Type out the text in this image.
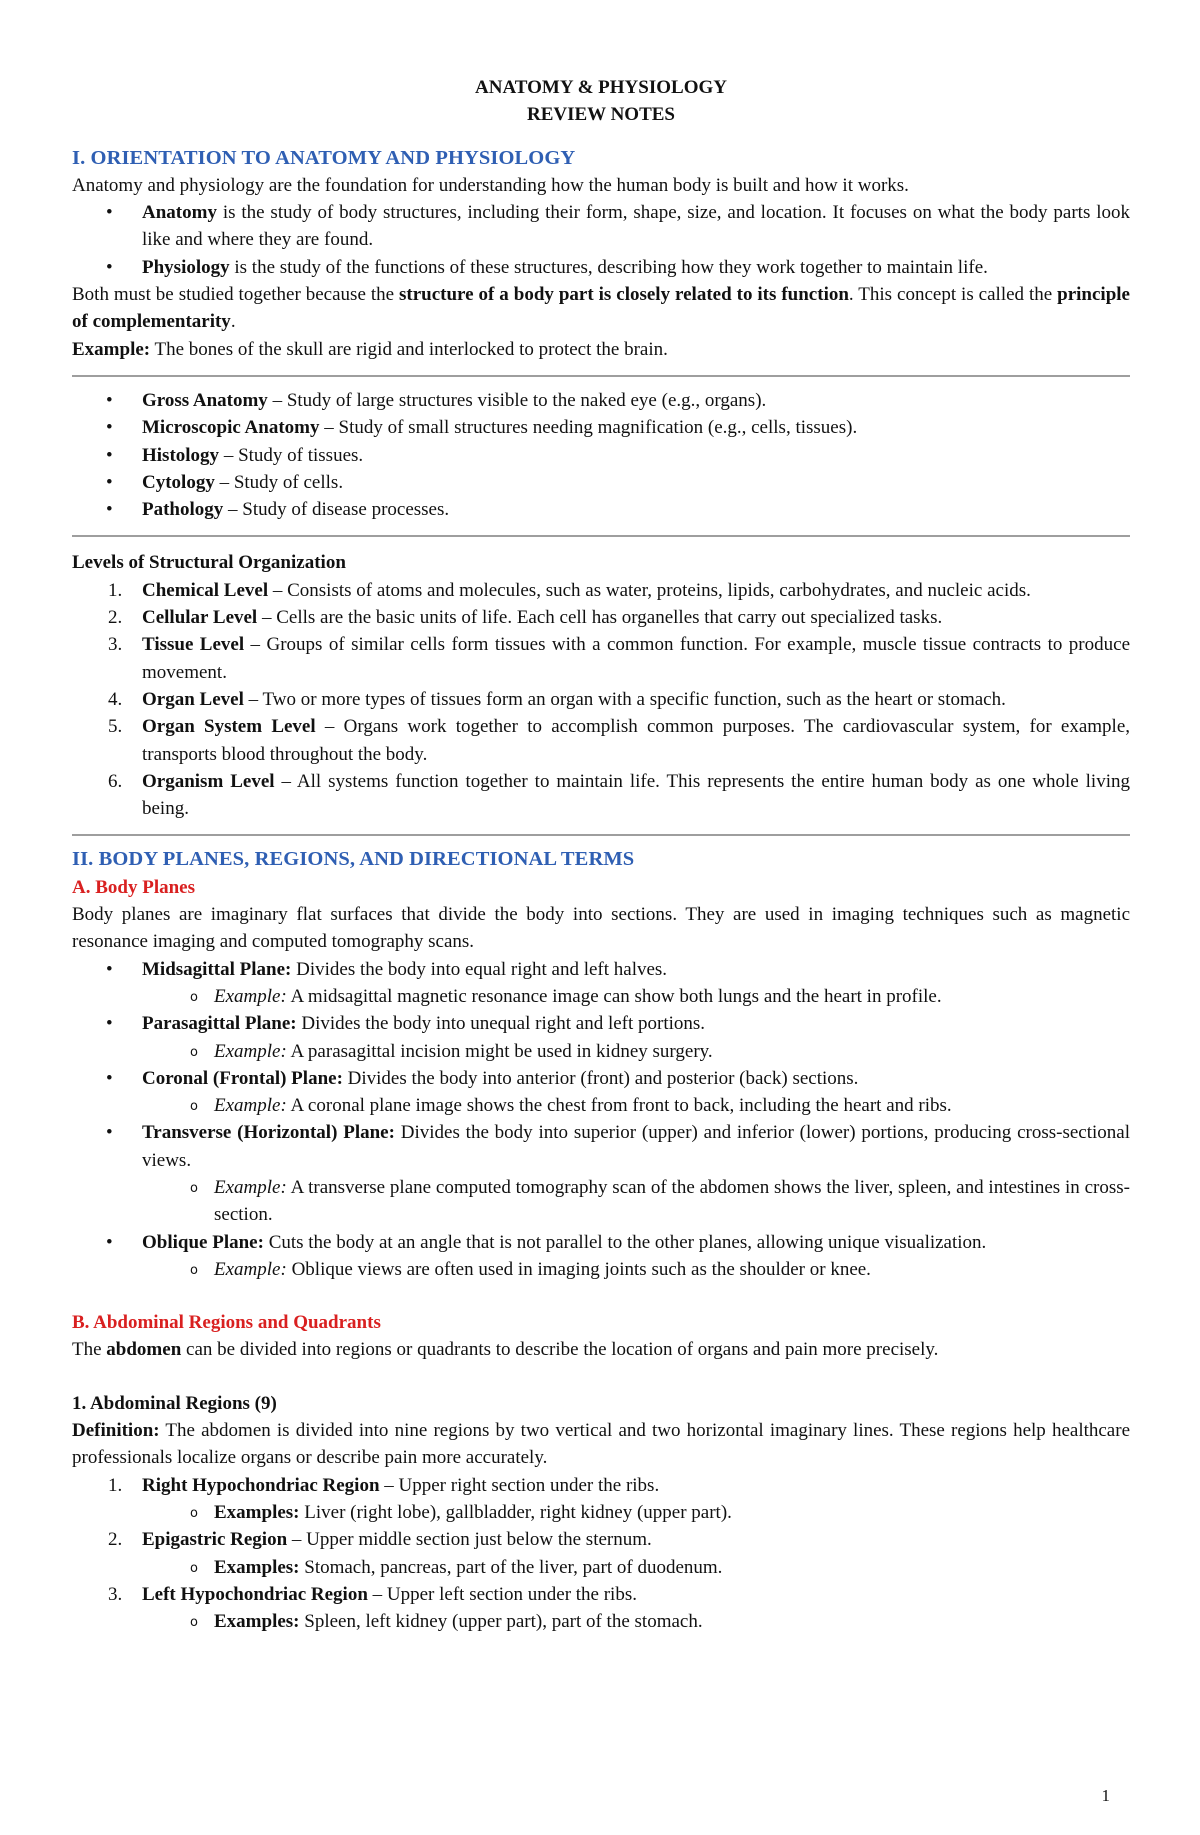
ANATOMY & PHYSIOLOGY
REVIEW NOTES
I. ORIENTATION TO ANATOMY AND PHYSIOLOGY
Anatomy and physiology are the foundation for understanding how the human body is built and how it works.
• Anatomy is the study of body structures, including their form, shape, size, and location. It focuses on what the body parts look like and where they are found.
• Physiology is the study of the functions of these structures, describing how they work together to maintain life.
Both must be studied together because the structure of a body part is closely related to its function. This concept is called the principle of complementarity.
Example: The bones of the skull are rigid and interlocked to protect the brain.
• Gross Anatomy – Study of large structures visible to the naked eye (e.g., organs).
• Microscopic Anatomy – Study of small structures needing magnification (e.g., cells, tissues).
• Histology – Study of tissues.
• Cytology – Study of cells.
• Pathology – Study of disease processes.
Levels of Structural Organization
1. Chemical Level – Consists of atoms and molecules, such as water, proteins, lipids, carbohydrates, and nucleic acids.
2. Cellular Level – Cells are the basic units of life. Each cell has organelles that carry out specialized tasks.
3. Tissue Level – Groups of similar cells form tissues with a common function. For example, muscle tissue contracts to produce movement.
4. Organ Level – Two or more types of tissues form an organ with a specific function, such as the heart or stomach.
5. Organ System Level – Organs work together to accomplish common purposes. The cardiovascular system, for example, transports blood throughout the body.
6. Organism Level – All systems function together to maintain life. This represents the entire human body as one whole living being.
II. BODY PLANES, REGIONS, AND DIRECTIONAL TERMS
A. Body Planes
Body planes are imaginary flat surfaces that divide the body into sections. They are used in imaging techniques such as magnetic resonance imaging and computed tomography scans.
• Midsagittal Plane: Divides the body into equal right and left halves.
o Example: A midsagittal magnetic resonance image can show both lungs and the heart in profile.
• Parasagittal Plane: Divides the body into unequal right and left portions.
o Example: A parasagittal incision might be used in kidney surgery.
• Coronal (Frontal) Plane: Divides the body into anterior (front) and posterior (back) sections.
o Example: A coronal plane image shows the chest from front to back, including the heart and ribs.
• Transverse (Horizontal) Plane: Divides the body into superior (upper) and inferior (lower) portions, producing cross-sectional views.
o Example: A transverse plane computed tomography scan of the abdomen shows the liver, spleen, and intestines in cross-section.
• Oblique Plane: Cuts the body at an angle that is not parallel to the other planes, allowing unique visualization.
o Example: Oblique views are often used in imaging joints such as the shoulder or knee.
B. Abdominal Regions and Quadrants
The abdomen can be divided into regions or quadrants to describe the location of organs and pain more precisely.
1. Abdominal Regions (9)
Definition: The abdomen is divided into nine regions by two vertical and two horizontal imaginary lines. These regions help healthcare professionals localize organs or describe pain more accurately.
1. Right Hypochondriac Region – Upper right section under the ribs.
o Examples: Liver (right lobe), gallbladder, right kidney (upper part).
2. Epigastric Region – Upper middle section just below the sternum.
o Examples: Stomach, pancreas, part of the liver, part of duodenum.
3. Left Hypochondriac Region – Upper left section under the ribs.
o Examples: Spleen, left kidney (upper part), part of the stomach.
1
